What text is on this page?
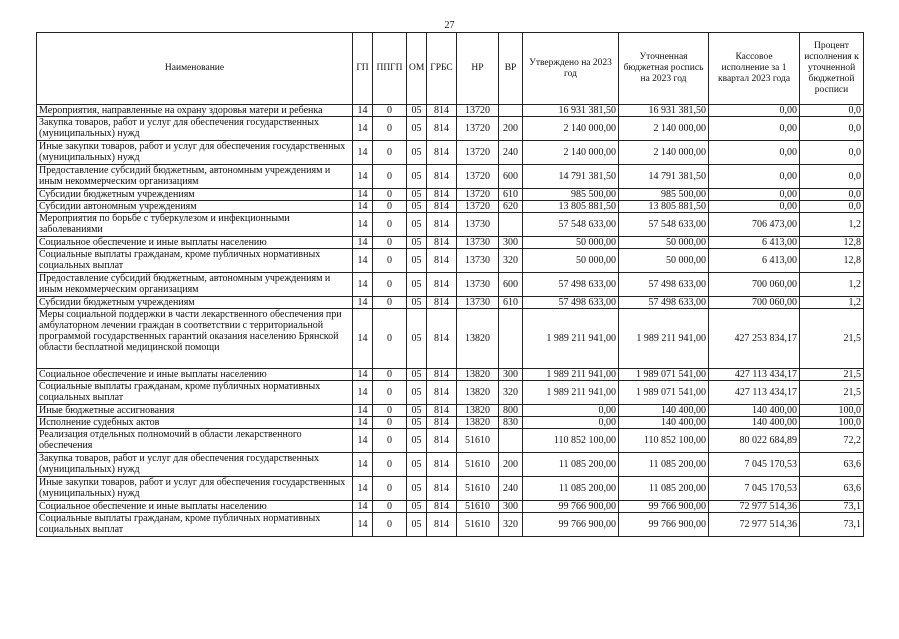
27
Наименование	ГП	ППГП	ОМ	ГРБС	НР	ВР	Утверждено на 2023 год	Уточненная бюджетная роспись на 2023 год	Кассовое исполнение за 1 квартал 2023 года	Процент исполнения к уточненной бюджетной росписи
Мероприятия, направленные на охрану здоровья матери и ребенка	14	0	05	814	13720		16 931 381,50	16 931 381,50	0,00	0,0
Закупка товаров, работ и услуг для обеспечения государственных (муниципальных) нужд	14	0	05	814	13720	200	2 140 000,00	2 140 000,00	0,00	0,0
Иные закупки товаров, работ и услуг для обеспечения государственных (муниципальных) нужд	14	0	05	814	13720	240	2 140 000,00	2 140 000,00	0,00	0,0
Предоставление субсидий бюджетным, автономным учреждениям и иным некоммерческим организациям	14	0	05	814	13720	600	14 791 381,50	14 791 381,50	0,00	0,0
Субсидии бюджетным учреждениям	14	0	05	814	13720	610	985 500,00	985 500,00	0,00	0,0
Субсидии автономным учреждениям	14	0	05	814	13720	620	13 805 881,50	13 805 881,50	0,00	0,0
Мероприятия по борьбе с туберкулезом и инфекционными заболеваниями	14	0	05	814	13730		57 548 633,00	57 548 633,00	706 473,00	1,2
Социальное обеспечение и иные выплаты населению	14	0	05	814	13730	300	50 000,00	50 000,00	6 413,00	12,8
Социальные выплаты гражданам, кроме публичных нормативных социальных выплат	14	0	05	814	13730	320	50 000,00	50 000,00	6 413,00	12,8
Предоставление субсидий бюджетным, автономным учреждениям и иным некоммерческим организациям	14	0	05	814	13730	600	57 498 633,00	57 498 633,00	700 060,00	1,2
Субсидии бюджетным учреждениям	14	0	05	814	13730	610	57 498 633,00	57 498 633,00	700 060,00	1,2
Меры социальной поддержки в части лекарственного обеспечения при амбулаторном лечении граждан в соответствии с территориальной программой государственных гарантий оказания населению Брянской области бесплатной медицинской помощи	14	0	05	814	13820		1 989 211 941,00	1 989 211 941,00	427 253 834,17	21,5
Социальное обеспечение и иные выплаты населению	14	0	05	814	13820	300	1 989 211 941,00	1 989 071 541,00	427 113 434,17	21,5
Социальные выплаты гражданам, кроме публичных нормативных социальных выплат	14	0	05	814	13820	320	1 989 211 941,00	1 989 071 541,00	427 113 434,17	21,5
Иные бюджетные ассигнования	14	0	05	814	13820	800	0,00	140 400,00	140 400,00	100,0
Исполнение судебных актов	14	0	05	814	13820	830	0,00	140 400,00	140 400,00	100,0
Реализация отдельных полномочий в области лекарственного обеспечения	14	0	05	814	51610		110 852 100,00	110 852 100,00	80 022 684,89	72,2
Закупка товаров, работ и услуг для обеспечения государственных (муниципальных) нужд	14	0	05	814	51610	200	11 085 200,00	11 085 200,00	7 045 170,53	63,6
Иные закупки товаров, работ и услуг для обеспечения государственных (муниципальных) нужд	14	0	05	814	51610	240	11 085 200,00	11 085 200,00	7 045 170,53	63,6
Социальное обеспечение и иные выплаты населению	14	0	05	814	51610	300	99 766 900,00	99 766 900,00	72 977 514,36	73,1
Социальные выплаты гражданам, кроме публичных нормативных социальных выплат	14	0	05	814	51610	320	99 766 900,00	99 766 900,00	72 977 514,36	73,1
